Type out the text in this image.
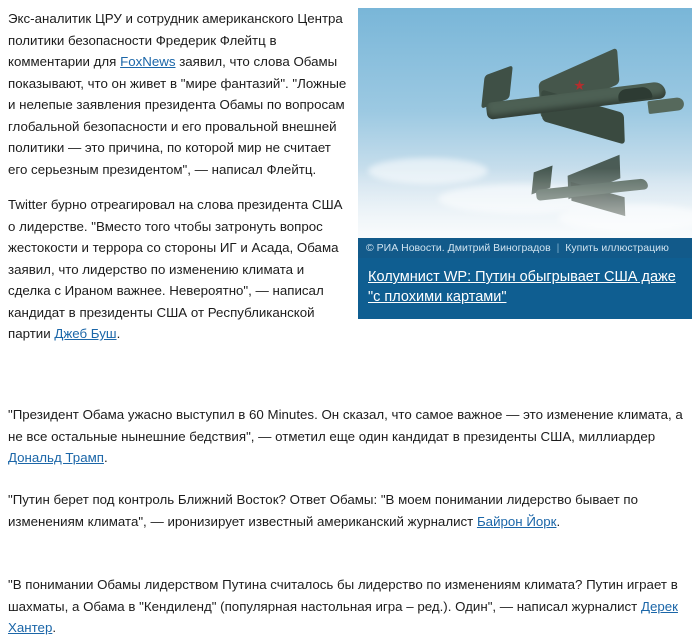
Экс-аналитик ЦРУ и сотрудник американского Центра политики безопасности Фредерик Флейтц в комментарии для FoxNews заявил, что слова Обамы показывают, что он живет в "мире фантазий". "Ложные и нелепые заявления президента Обамы по вопросам глобальной безопасности и его провальной внешней политики — это причина, по которой мир не считает его серьезным президентом", — написал Флейтц.

Twitter бурно отреагировал на слова президента США о лидерстве. "Вместо того чтобы затронуть вопрос жестокости и террора со стороны ИГ и Асада, Обама заявил, что лидерство по изменению климата и сделка с Ираном важнее. Невероятно", — написал кандидат в президенты США от Республиканской партии Джеб Буш.

© РИА Новости. Дмитрий Виноградов | Купить иллюстрацию
Колумнист WP: Путин обыгрывает США даже "с плохими картами"

"Президент Обама ужасно выступил в 60 Minutes. Он сказал, что самое важное — это изменение климата, а не все остальные нынешние бедствия", — отметил еще один кандидат в президенты США, миллиардер Дональд Трамп.

"Путин берет под контроль Ближний Восток? Ответ Обамы: "В моем понимании лидерство бывает по изменениям климата", — иронизирует известный американский журналист Байрон Йорк.

"В понимании Обамы лидерством Путина считалось бы лидерство по изменениям климата? Путин играет в шахматы, а Обама в "Кендиленд" (популярная настольная игра – ред.). Один", — написал журналист Дерек Хантер.
